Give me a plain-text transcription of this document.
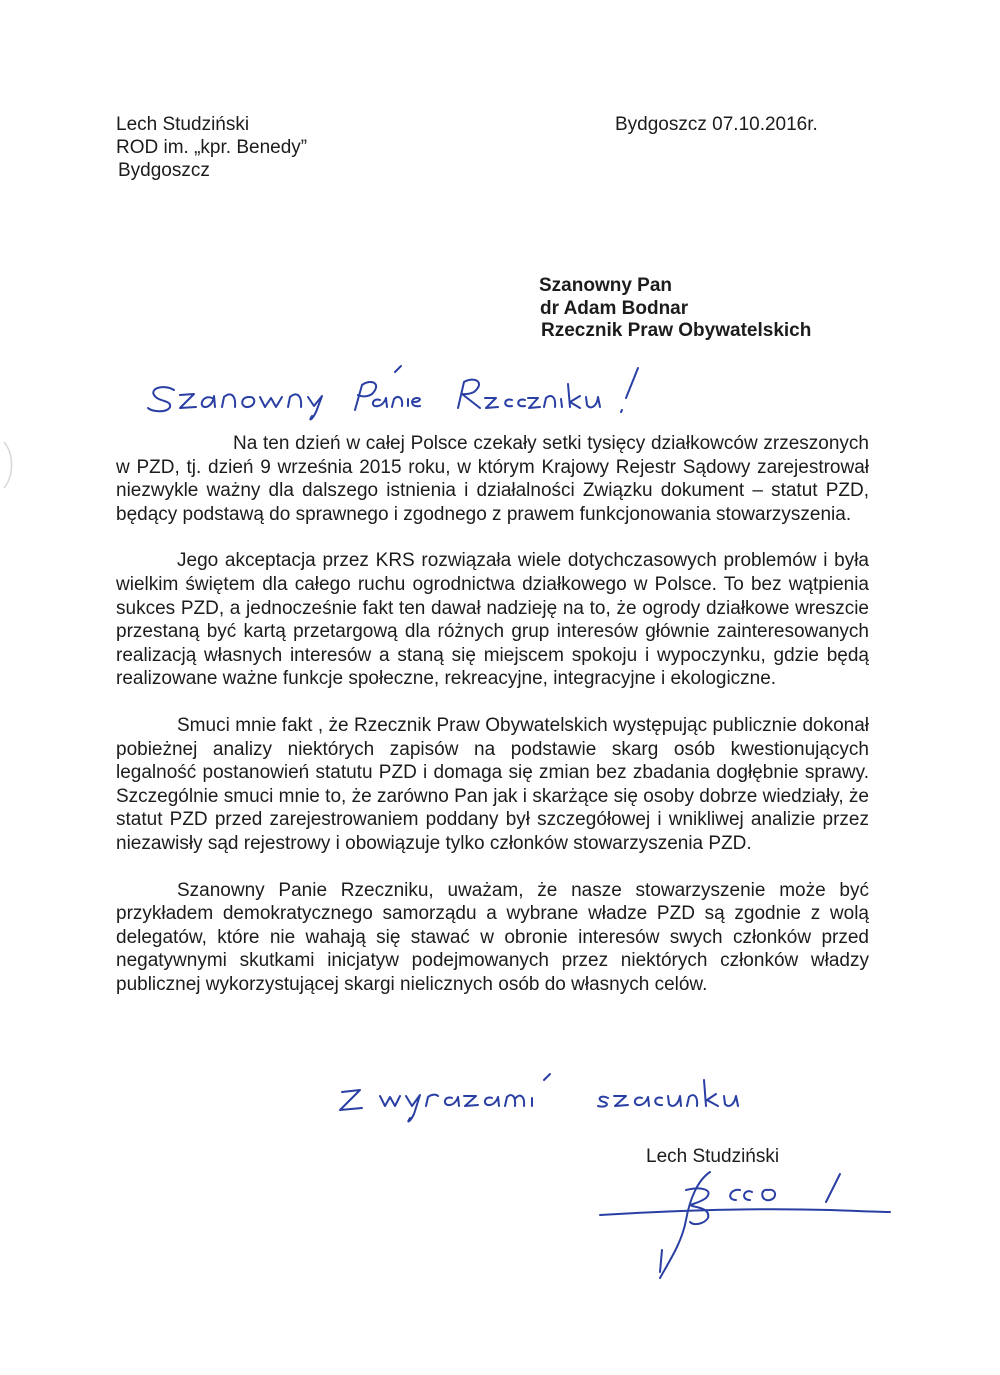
Lech Studziński
ROD im. „kpr. Benedy”
Bydgoszcz
Bydgoszcz 07.10.2016r.
Szanowny Pan
dr Adam Bodnar
Rzecznik Praw Obywatelskich

Na ten dzień w całej Polsce czekały setki tysięcy działkowców zrzeszonych w PZD, tj. dzień 9 września 2015 roku, w którym Krajowy Rejestr Sądowy zarejestrował niezwykle ważny dla dalszego istnienia i działalności Związku dokument – statut PZD, będący podstawą do sprawnego i zgodnego z prawem funkcjonowania stowarzyszenia.

Jego akceptacja przez KRS rozwiązała wiele dotychczasowych problemów i była wielkim świętem dla całego ruchu ogrodnictwa działkowego w Polsce. To bez wątpienia sukces PZD, a jednocześnie fakt ten dawał nadzieję na to, że ogrody działkowe wreszcie przestaną być kartą przetargową dla różnych grup interesów głównie zainteresowanych realizacją własnych interesów a staną się miejscem spokoju i wypoczynku, gdzie będą realizowane ważne funkcje społeczne, rekreacyjne, integracyjne i ekologiczne.

Smuci mnie fakt , że Rzecznik Praw Obywatelskich występując publicznie dokonał pobieżnej analizy niektórych zapisów na podstawie skarg osób kwestionujących legalność postanowień statutu PZD i domaga się zmian bez zbadania dogłębnie sprawy. Szczególnie smuci mnie to, że zarówno Pan jak i skarżące się osoby dobrze wiedziały, że statut PZD przed zarejestrowaniem poddany był szczegółowej i wnikliwej analizie przez niezawisły sąd rejestrowy i obowiązuje tylko członków stowarzyszenia PZD.

Szanowny Panie Rzeczniku, uważam, że nasze stowarzyszenie może być przykładem demokratycznego samorządu a wybrane władze PZD są zgodnie z wolą delegatów, które nie wahają się stawać w obronie interesów swych członków przed negatywnymi skutkami inicjatyw podejmowanych przez niektórych członków władzy publicznej wykorzystującej skargi nielicznych osób do własnych celów.

Lech Studziński
